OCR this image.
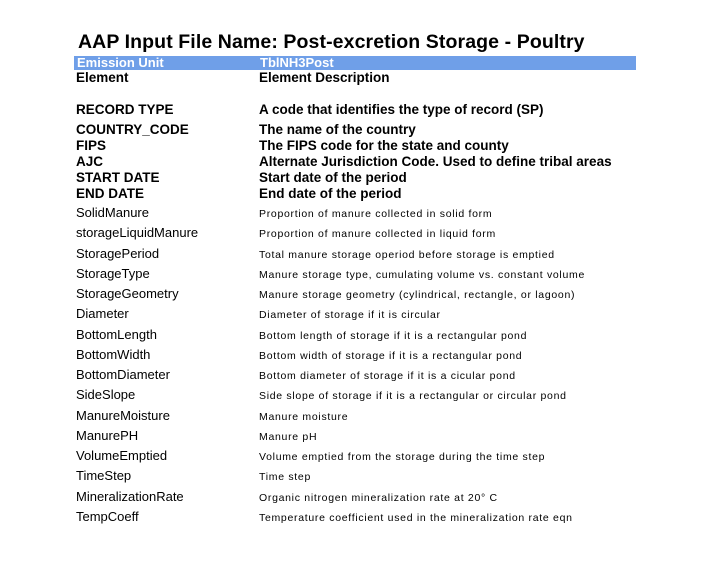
AAP Input File Name: Post-excretion Storage - Poultry
Emission Unit	TblNH3Post
Element	Element Description
RECORD TYPE	A code that identifies the type of record (SP)
COUNTRY_CODE	The name of the country
FIPS	The FIPS code for the state and county
AJC	Alternate Jurisdiction Code. Used to define tribal areas
START DATE	Start date of the period
END DATE	End date of the period
SolidManure	Proportion of manure collected in solid form
storageLiquidManure	Proportion of manure collected in liquid form
StoragePeriod	Total manure storage operiod before storage is emptied
StorageType	Manure storage type, cumulating volume vs. constant volume
StorageGeometry	Manure storage geometry (cylindrical, rectangle, or lagoon)
Diameter	Diameter of storage if it is circular
BottomLength	Bottom length of storage if it is a rectangular pond
BottomWidth	Bottom width of storage if it is a rectangular pond
BottomDiameter	Bottom diameter of storage if it is a cicular pond
SideSlope	Side slope of storage if it is a rectangular or circular pond
ManureMoisture	Manure moisture
ManurePH	Manure pH
VolumeEmptied	Volume emptied from the storage during the time step
TimeStep	Time step
MineralizationRate	Organic nitrogen mineralization rate at 20° C
TempCoeff	Temperature coefficient used in the mineralization rate eqn
